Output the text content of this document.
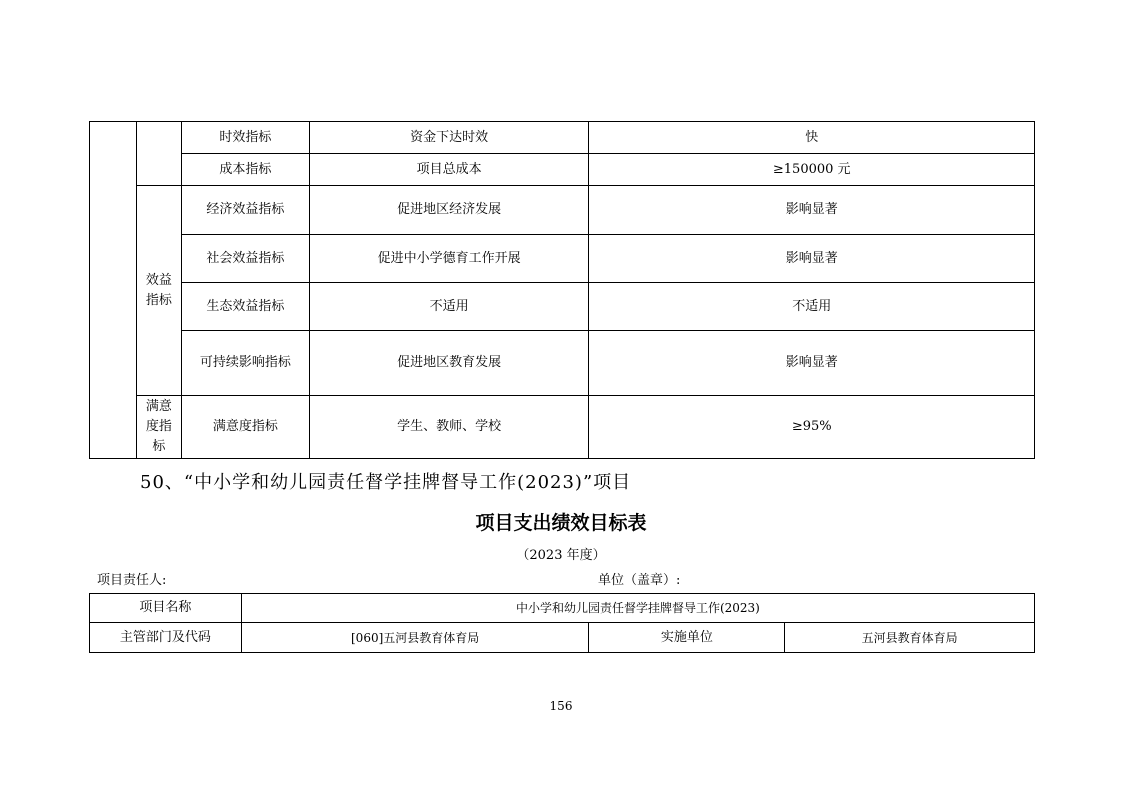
		时效指标	资金下达时效	快
		成本指标	项目总成本	≥150000 元
	效益指标	经济效益指标	促进地区经济发展	影响显著
		社会效益指标	促进中小学德育工作开展	影响显著
		生态效益指标	不适用	不适用
		可持续影响指标	促进地区教育发展	影响显著
	满意度指标	满意度指标	学生、教师、学校	≥95%
50、“中小学和幼儿园责任督学挂牌督导工作(2023)”项目
项目支出绩效目标表
（2023 年度）
项目责任人:	单位（盖章）:
项目名称	中小学和幼儿园责任督学挂牌督导工作(2023)		
主管部门及代码	[060]五河县教育体育局	实施单位	五河县教育体育局
156
